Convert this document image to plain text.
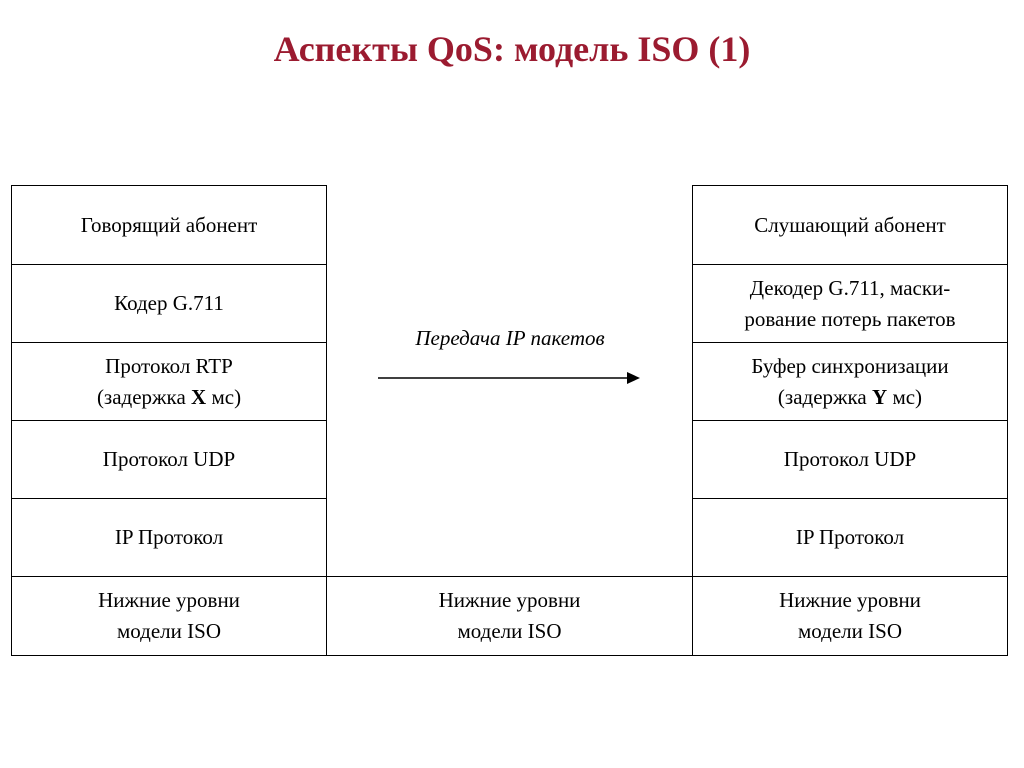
Аспекты QoS: модель ISO (1)
Говорящий абонент
Кодер G.711
Протокол RTP
(задержка X мс)
Протокол UDP
IP Протокол
Нижние уровни
модели ISO
Нижние уровни
модели ISO
Слушающий абонент
Декодер G.711, маски-
рование потерь пакетов
Буфер синхронизации
(задержка Y мс)
Протокол UDP
IP Протокол
Нижние уровни
модели ISO
Передача IP пакетов
